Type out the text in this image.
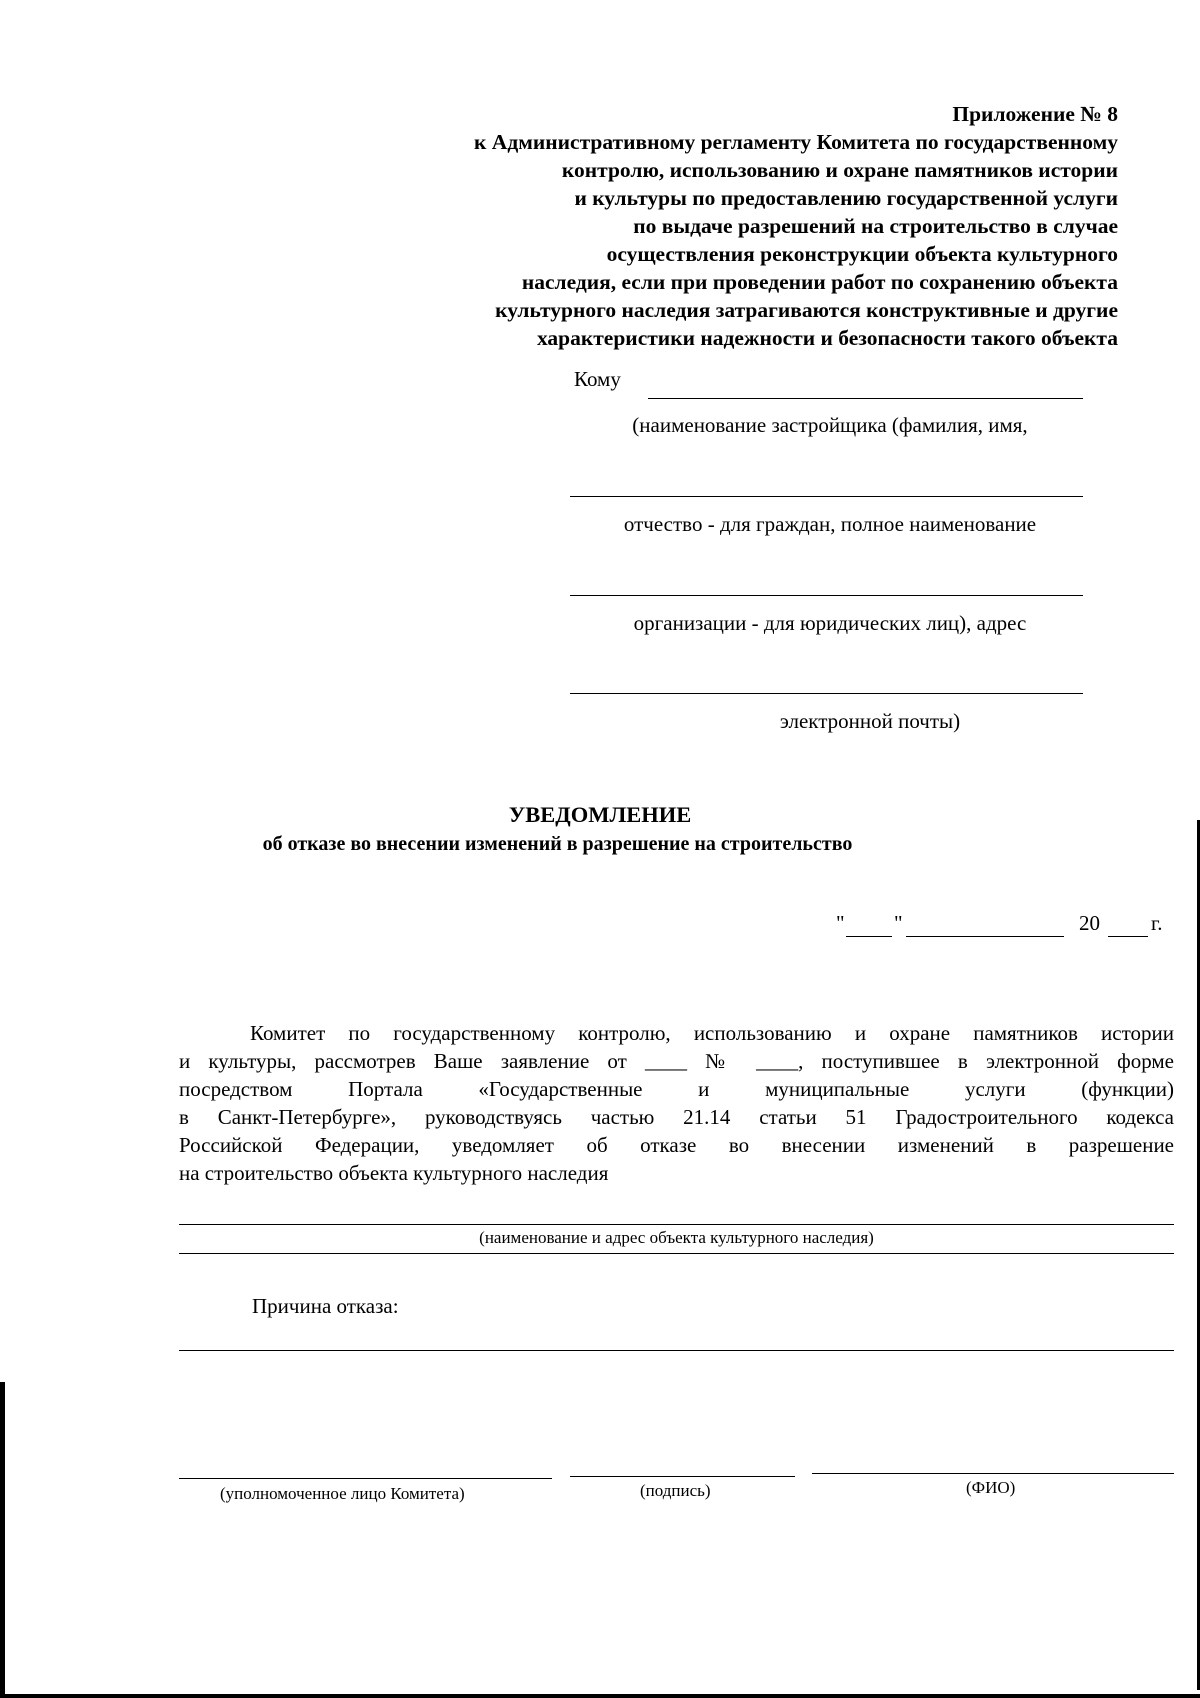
Приложение № 8
к Административному регламенту Комитета по государственному
контролю, использованию и охране памятников истории
и культуры по предоставлению государственной услуги
по выдаче разрешений на строительство в случае
осуществления реконструкции объекта культурного
наследия, если при проведении работ по сохранению объекта
культурного наследия затрагиваются конструктивные и другие
характеристики надежности и безопасности такого объекта
Кому
(наименование застройщика (фамилия, имя,
отчество - для граждан, полное наименование
организации - для юридических лиц), адрес
электронной почты)
УВЕДОМЛЕНИЕ
об отказе во внесении изменений в разрешение на строительство
" "	20 г.
Комитет по государственному контролю, использованию и охране памятников истории
и культуры, рассмотрев Ваше заявление от ____ № ____, поступившее в электронной форме
посредством Портала «Государственные и муниципальные услуги (функции)
в Санкт-Петербурге», руководствуясь частью 21.14 статьи 51 Градостроительного кодекса
Российской Федерации, уведомляет об отказе во внесении изменений в разрешение
на строительство объекта культурного наследия
(наименование и адрес объекта культурного наследия)
Причина отказа:
(уполномоченное лицо Комитета)	(подпись)	(ФИО)
